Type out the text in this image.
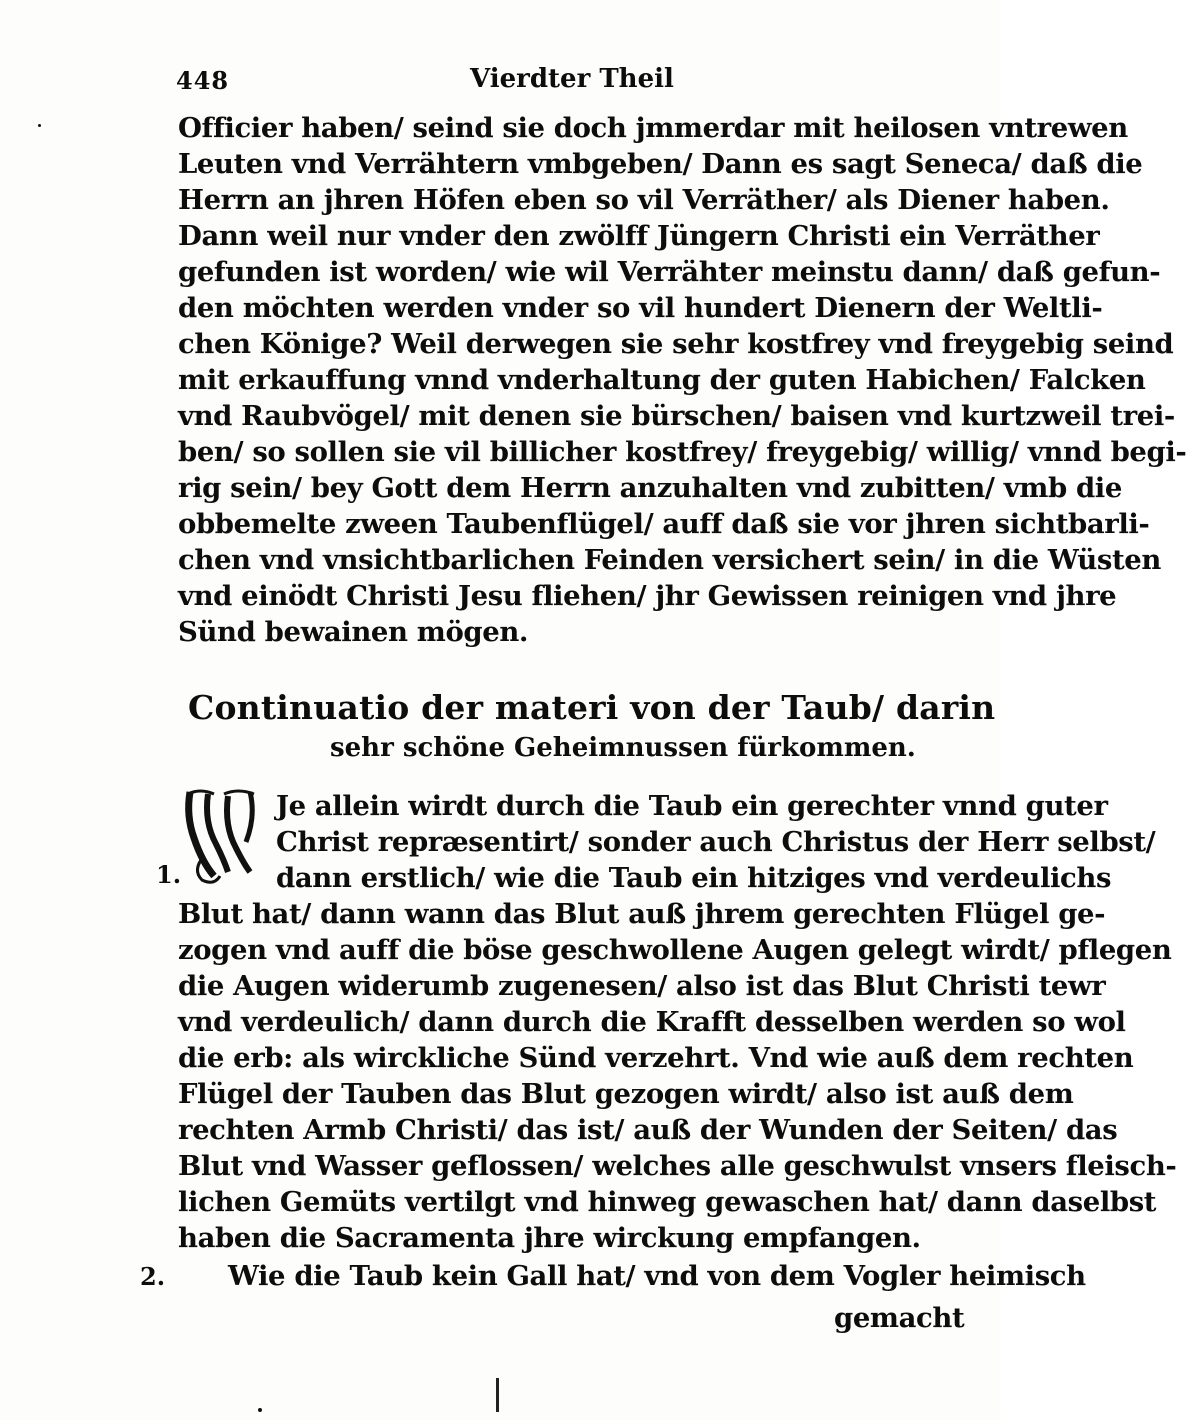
448	Vierdter Theil
Officier haben/ seind sie doch jmmerdar mit heilosen vntrewen
Leuten vnd Verrähtern vmbgeben/ Dann es sagt Seneca/ daß die
Herrn an jhren Höfen eben so vil Verräther/ als Diener haben.
Dann weil nur vnder den zwölff Jüngern Christi ein Verräther
gefunden ist worden/ wie wil Verrähter meinstu dann/ daß gefun-
den möchten werden vnder so vil hundert Dienern der Weltli-
chen Könige? Weil derwegen sie sehr kostfrey vnd freygebig seind
mit erkauffung vnnd vnderhaltung der guten Habichen/ Falcken
vnd Raubvögel/ mit denen sie bürschen/ baisen vnd kurtzweil trei-
ben/ so sollen sie vil billicher kostfrey/ freygebig/ willig/ vnnd begi-
rig sein/ bey Gott dem Herrn anzuhalten vnd zubitten/ vmb die
obbemelte zween Taubenflügel/ auff daß sie vor jhren sichtbarli-
chen vnd vnsichtbarlichen Feinden versichert sein/ in die Wüsten
vnd einödt Christi Jesu fliehen/ jhr Gewissen reinigen vnd jhre
Sünd bewainen mögen.
Continuatio der materi von der Taub/ darin
sehr schöne Geheimnussen fürkommen.
1.
Je allein wirdt durch die Taub ein gerechter vnnd guter
Christ repræsentirt/ sonder auch Christus der Herr selbst/
dann erstlich/ wie die Taub ein hitziges vnd verdeulichs
Blut hat/ dann wann das Blut auß jhrem gerechten Flügel ge-
zogen vnd auff die böse geschwollene Augen gelegt wirdt/ pflegen
die Augen widerumb zugenesen/ also ist das Blut Christi tewr
vnd verdeulich/ dann durch die Krafft desselben werden so wol
die erb: als wirckliche Sünd verzehrt. Vnd wie auß dem rechten
Flügel der Tauben das Blut gezogen wirdt/ also ist auß dem
rechten Armb Christi/ das ist/ auß der Wunden der Seiten/ das
Blut vnd Wasser geflossen/ welches alle geschwulst vnsers fleisch-
lichen Gemüts vertilgt vnd hinweg gewaschen hat/ dann daselbst
haben die Sacramenta jhre wirckung empfangen.
2. Wie die Taub kein Gall hat/ vnd von dem Vogler heimisch
gemacht
